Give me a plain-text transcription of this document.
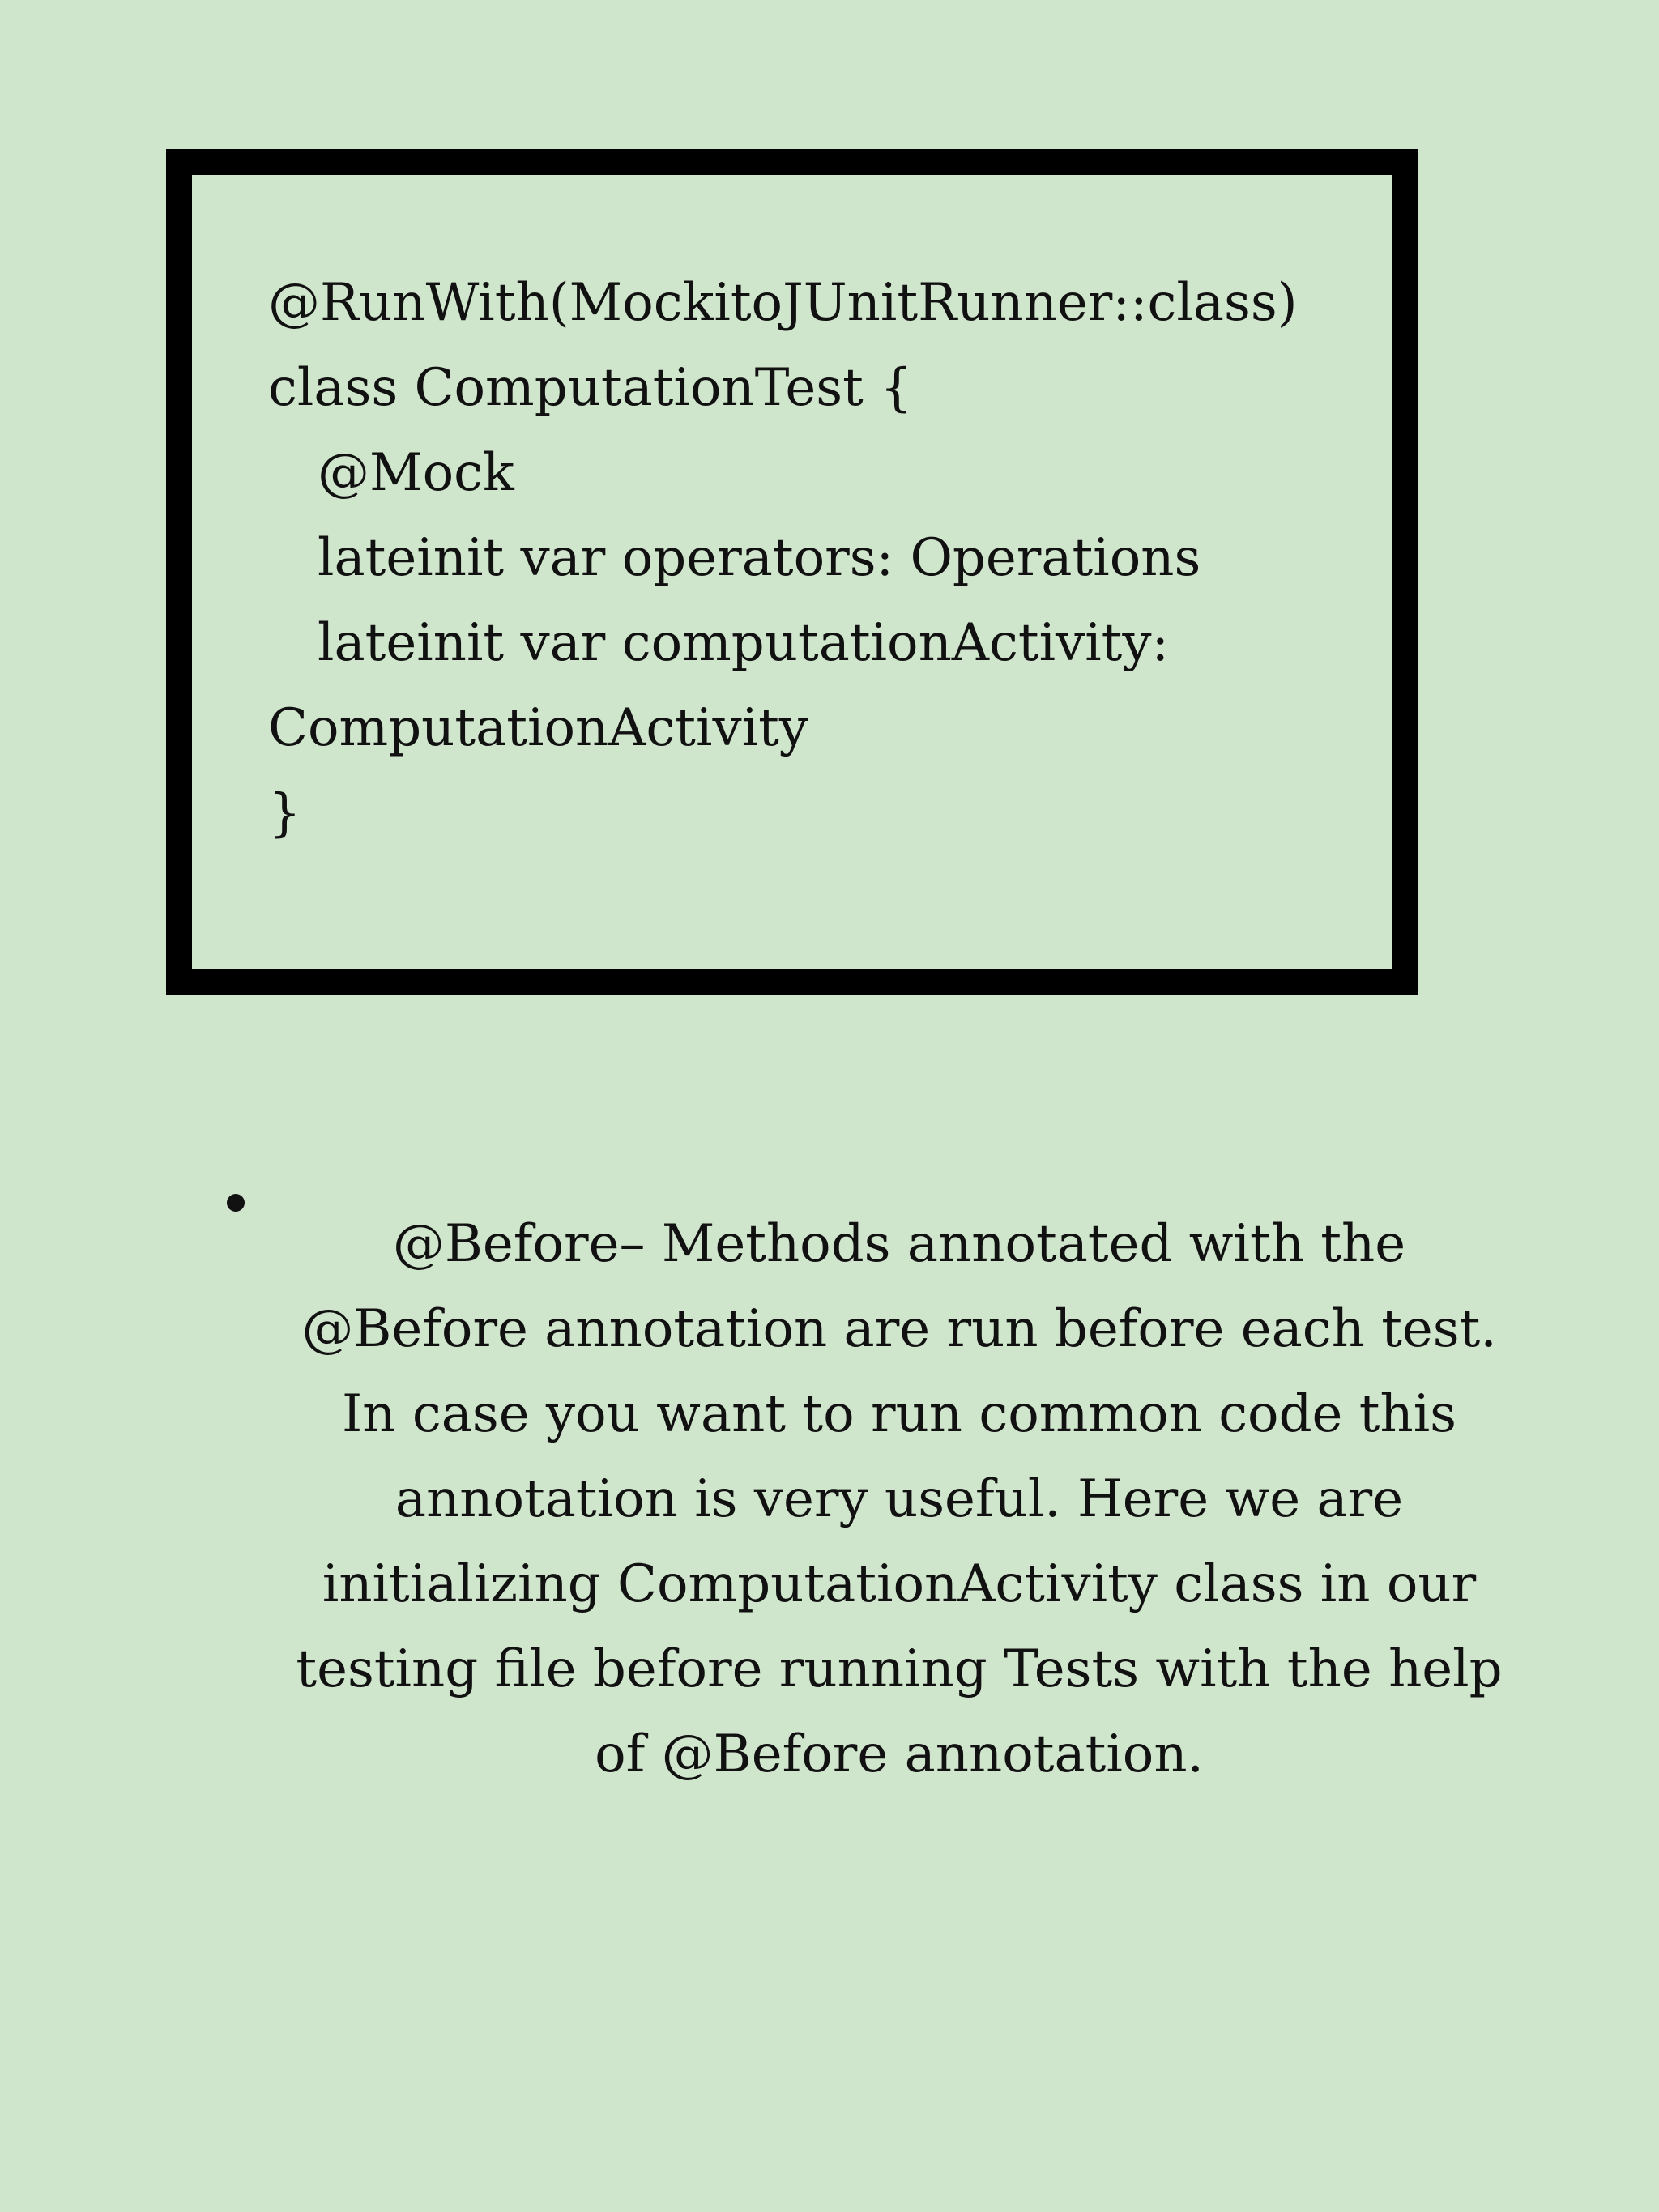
@RunWith(MockitoJUnitRunner::class)
class ComputationTest {
@Mock
lateinit var operators: Operations
lateinit var computationActivity:
ComputationActivity
}

@Before– Methods annotated with the @Before annotation are run before each test. In case you want to run common code this annotation is very useful. Here we are initializing ComputationActivity class in our testing file before running Tests with the help of @Before annotation.
